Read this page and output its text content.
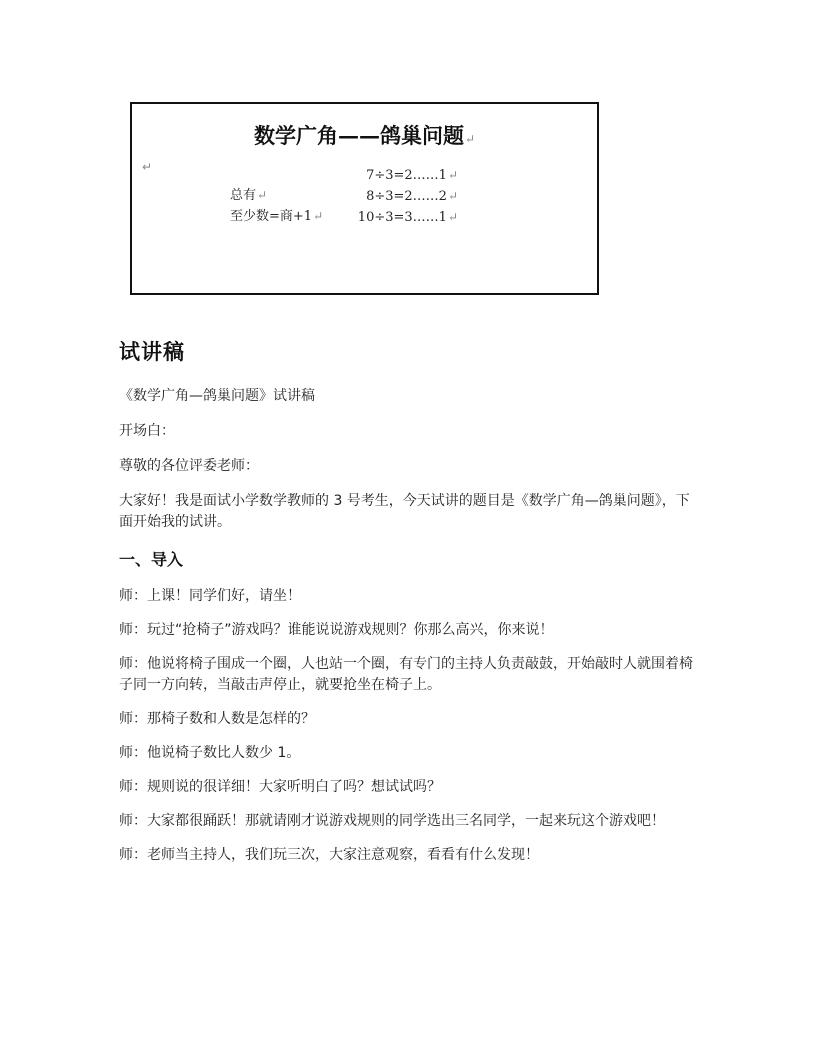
数学广角——鸽巢问题↵
↵
总有↵
至少数=商+1↵
7÷3=2……1↵
8÷3=2……2↵
10÷3=3……1↵
试讲稿
《数学广角—鸽巢问题》试讲稿
开场白：
尊敬的各位评委老师：
大家好！我是面试小学数学教师的 3 号考生，今天试讲的题目是《数学广角—鸽巢问题》，下面开始我的试讲。
一、导入
师：上课！同学们好，请坐！
师：玩过“抢椅子”游戏吗？谁能说说游戏规则？你那么高兴，你来说！
师：他说将椅子围成一个圈，人也站一个圈，有专门的主持人负责敲鼓，开始敲时人就围着椅子同一方向转，当敲击声停止，就要抢坐在椅子上。
师：那椅子数和人数是怎样的？
师：他说椅子数比人数少 1。
师：规则说的很详细！大家听明白了吗？想试试吗？
师：大家都很踊跃！那就请刚才说游戏规则的同学选出三名同学，一起来玩这个游戏吧！
师：老师当主持人，我们玩三次，大家注意观察，看看有什么发现！
